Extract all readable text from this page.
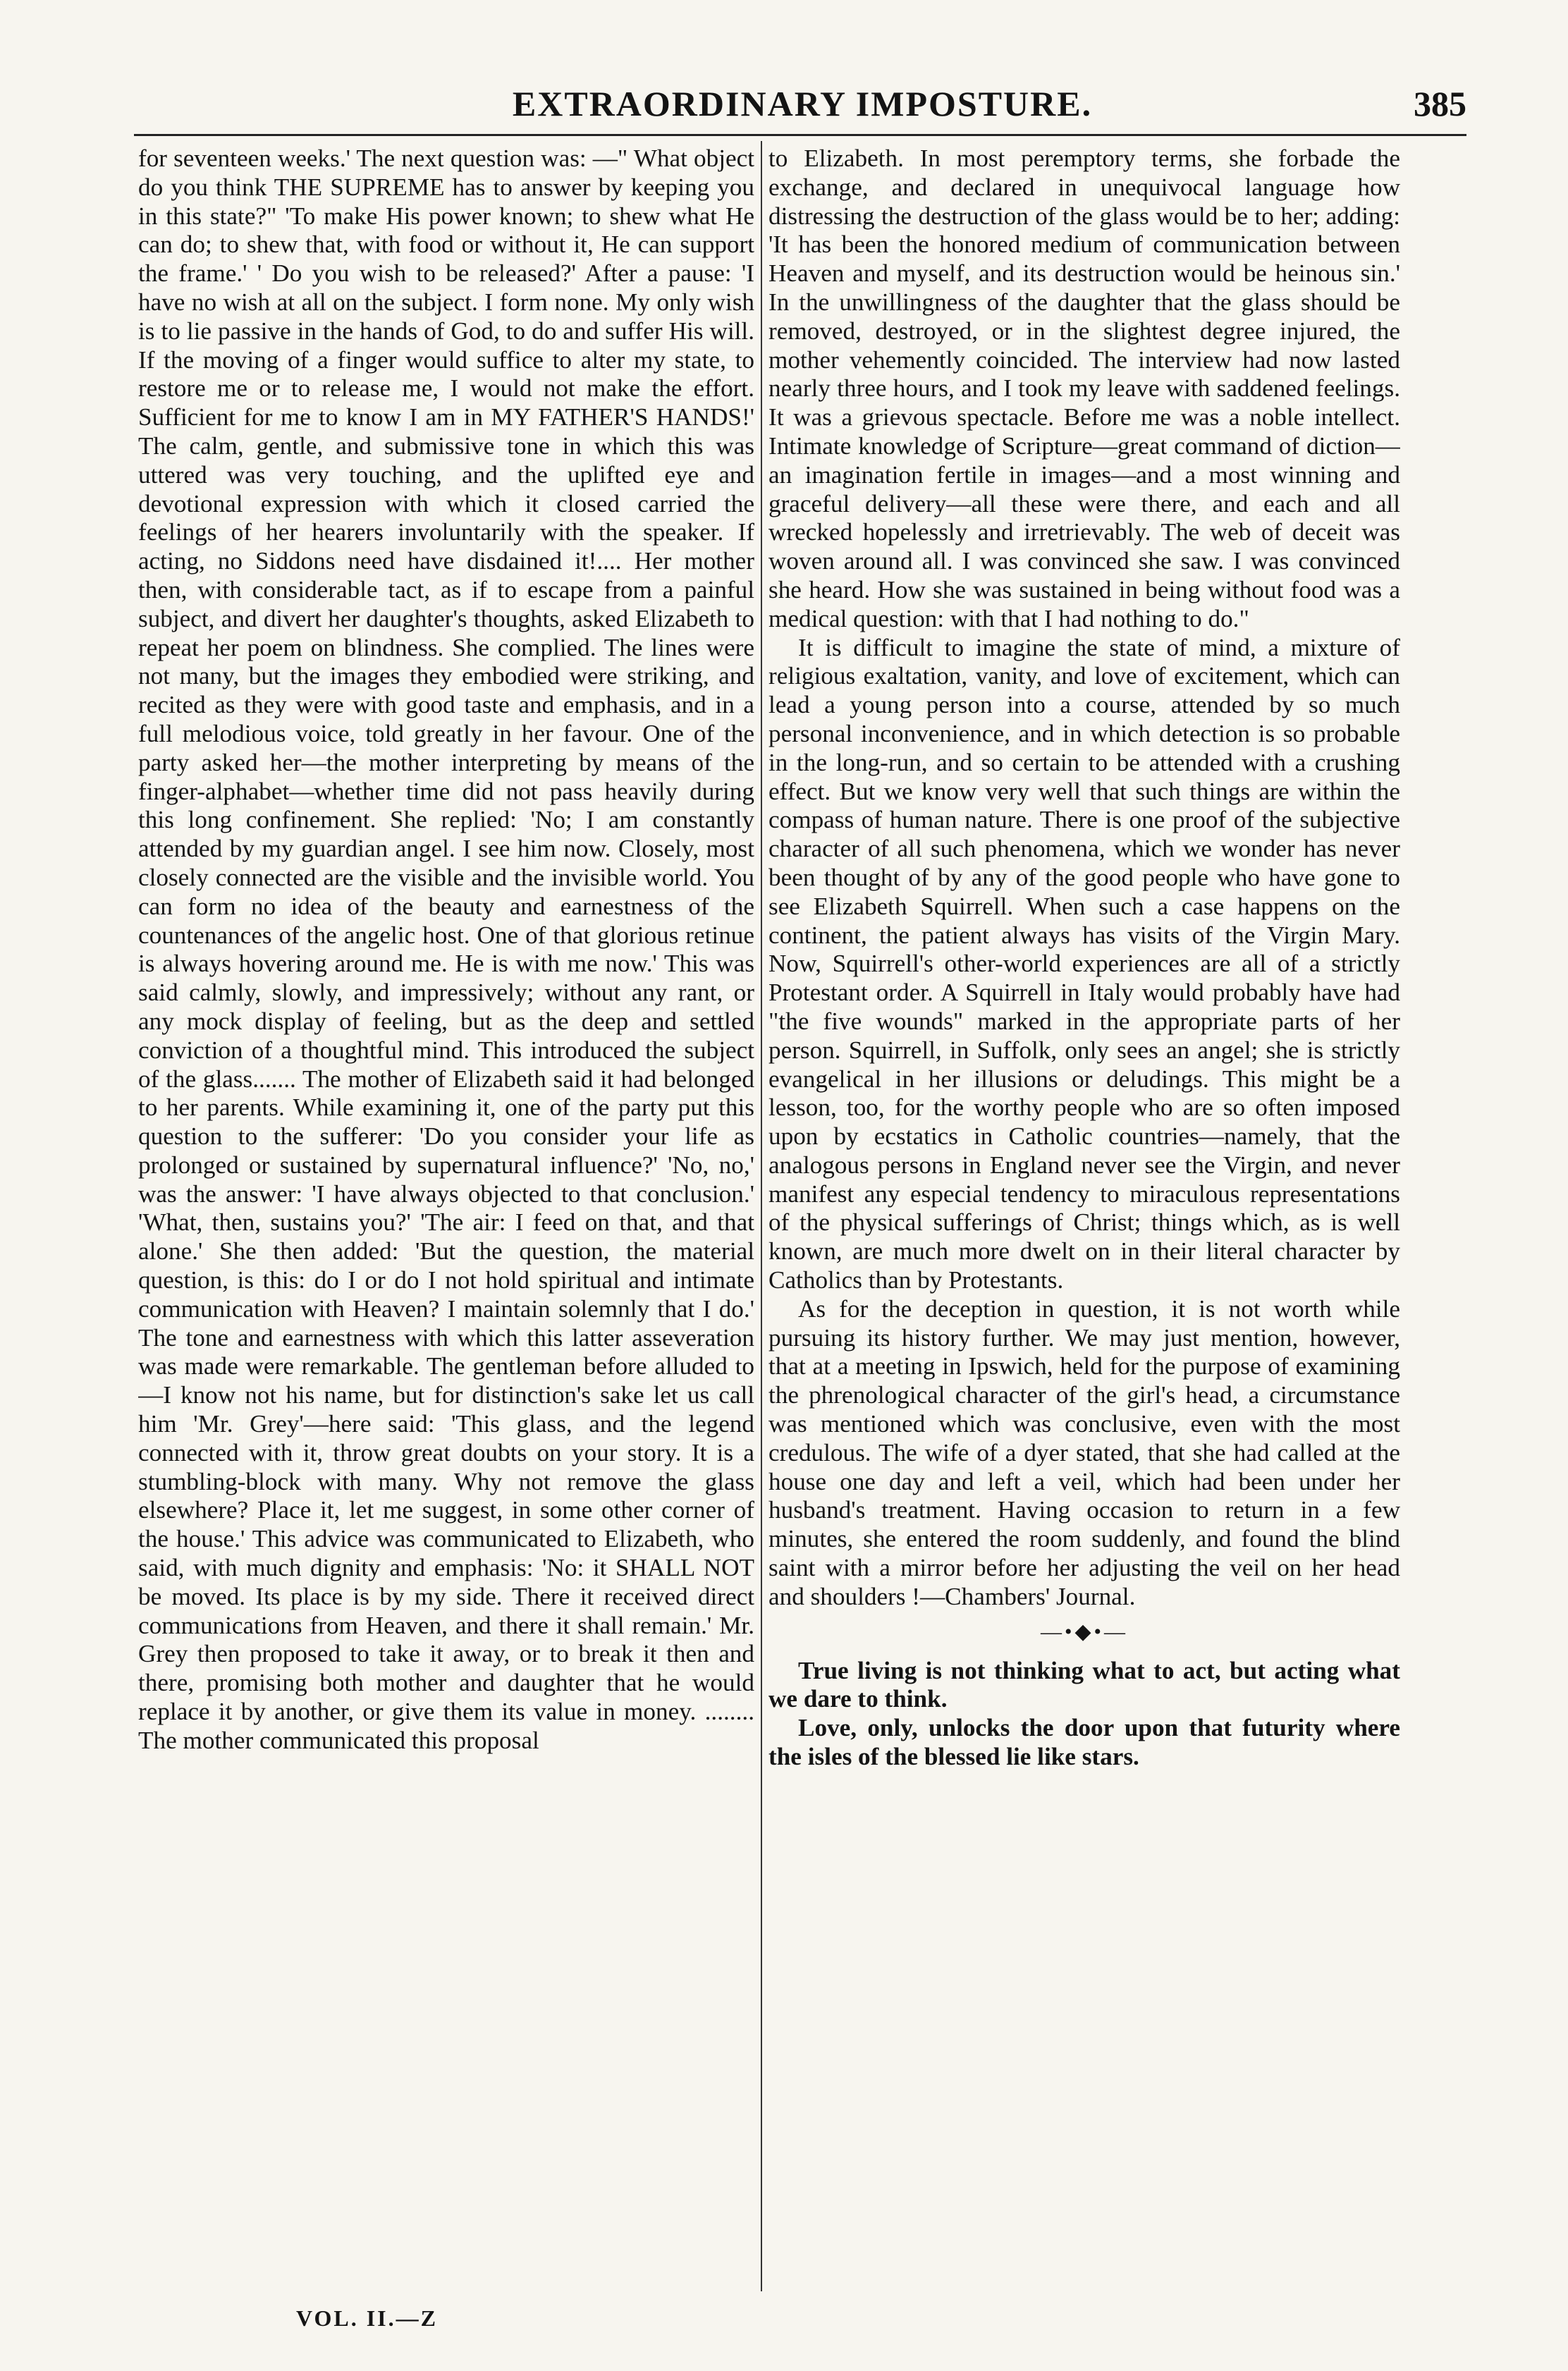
EXTRAORDINARY IMPOSTURE.	385

for seventeen weeks.' The next question was: —" What object do you think THE SUPREME has to answer by keeping you in this state?" 'To make His power known; to shew what He can do; to shew that, with food or without it, He can support the frame.' ' Do you wish to be released?' After a pause: 'I have no wish at all on the subject. I form none. My only wish is to lie passive in the hands of God, to do and suffer His will. If the moving of a finger would suffice to alter my state, to restore me or to release me, I would not make the effort. Sufficient for me to know I am in MY FATHER'S HANDS!' The calm, gentle, and submissive tone in which this was uttered was very touching, and the uplifted eye and devotional expression with which it closed carried the feelings of her hearers involuntarily with the speaker. If acting, no Siddons need have disdained it!.... Her mother then, with considerable tact, as if to escape from a painful subject, and divert her daughter's thoughts, asked Elizabeth to repeat her poem on blindness. She complied. The lines were not many, but the images they embodied were striking, and recited as they were with good taste and emphasis, and in a full melodious voice, told greatly in her favour. One of the party asked her—the mother interpreting by means of the finger-alphabet—whether time did not pass heavily during this long confinement. She replied: 'No; I am constantly attended by my guardian angel. I see him now. Closely, most closely connected are the visible and the invisible world. You can form no idea of the beauty and earnestness of the countenances of the angelic host. One of that glorious retinue is always hovering around me. He is with me now.' This was said calmly, slowly, and impressively; without any rant, or any mock display of feeling, but as the deep and settled conviction of a thoughtful mind. This introduced the subject of the glass....... The mother of Elizabeth said it had belonged to her parents. While examining it, one of the party put this question to the sufferer: 'Do you consider your life as prolonged or sustained by supernatural influence?' 'No, no,' was the answer: 'I have always objected to that conclusion.' 'What, then, sustains you?' 'The air: I feed on that, and that alone.' She then added: 'But the question, the material question, is this: do I or do I not hold spiritual and intimate communication with Heaven? I maintain solemnly that I do.' The tone and earnestness with which this latter asseveration was made were remarkable. The gentleman before alluded to—I know not his name, but for distinction's sake let us call him 'Mr. Grey'—here said: 'This glass, and the legend connected with it, throw great doubts on your story. It is a stumbling-block with many. Why not remove the glass elsewhere? Place it, let me suggest, in some other corner of the house.' This advice was communicated to Elizabeth, who said, with much dignity and emphasis: 'No: it SHALL NOT be moved. Its place is by my side. There it received direct communications from Heaven, and there it shall remain.' Mr. Grey then proposed to take it away, or to break it then and there, promising both mother and daughter that he would replace it by another, or give them its value in money. ........ The mother communicated this proposal

to Elizabeth. In most peremptory terms, she forbade the exchange, and declared in unequivocal language how distressing the destruction of the glass would be to her; adding: 'It has been the honored medium of communication between Heaven and myself, and its destruction would be heinous sin.' In the unwillingness of the daughter that the glass should be removed, destroyed, or in the slightest degree injured, the mother vehemently coincided. The interview had now lasted nearly three hours, and I took my leave with saddened feelings. It was a grievous spectacle. Before me was a noble intellect. Intimate knowledge of Scripture—great command of diction—an imagination fertile in images—and a most winning and graceful delivery—all these were there, and each and all wrecked hopelessly and irretrievably. The web of deceit was woven around all. I was convinced she saw. I was convinced she heard. How she was sustained in being without food was a medical question: with that I had nothing to do."

It is difficult to imagine the state of mind, a mixture of religious exaltation, vanity, and love of excitement, which can lead a young person into a course, attended by so much personal inconvenience, and in which detection is so probable in the long-run, and so certain to be attended with a crushing effect. But we know very well that such things are within the compass of human nature. There is one proof of the subjective character of all such phenomena, which we wonder has never been thought of by any of the good people who have gone to see Elizabeth Squirrell. When such a case happens on the continent, the patient always has visits of the Virgin Mary. Now, Squirrell's other-world experiences are all of a strictly Protestant order. A Squirrell in Italy would probably have had "the five wounds" marked in the appropriate parts of her person. Squirrell, in Suffolk, only sees an angel; she is strictly evangelical in her illusions or deludings. This might be a lesson, too, for the worthy people who are so often imposed upon by ecstatics in Catholic countries—namely, that the analogous persons in England never see the Virgin, and never manifest any especial tendency to miraculous representations of the physical sufferings of Christ; things which, as is well known, are much more dwelt on in their literal character by Catholics than by Protestants.

As for the deception in question, it is not worth while pursuing its history further. We may just mention, however, that at a meeting in Ipswich, held for the purpose of examining the phrenological character of the girl's head, a circumstance was mentioned which was conclusive, even with the most credulous. The wife of a dyer stated, that she had called at the house one day and left a veil, which had been under her husband's treatment. Having occasion to return in a few minutes, she entered the room suddenly, and found the blind saint with a mirror before her adjusting the veil on her head and shoulders !—Chambers' Journal.

—•◆•—

True living is not thinking what to act, but acting what we dare to think.

Love, only, unlocks the door upon that futurity where the isles of the blessed lie like stars.

VOL. II.—Z
